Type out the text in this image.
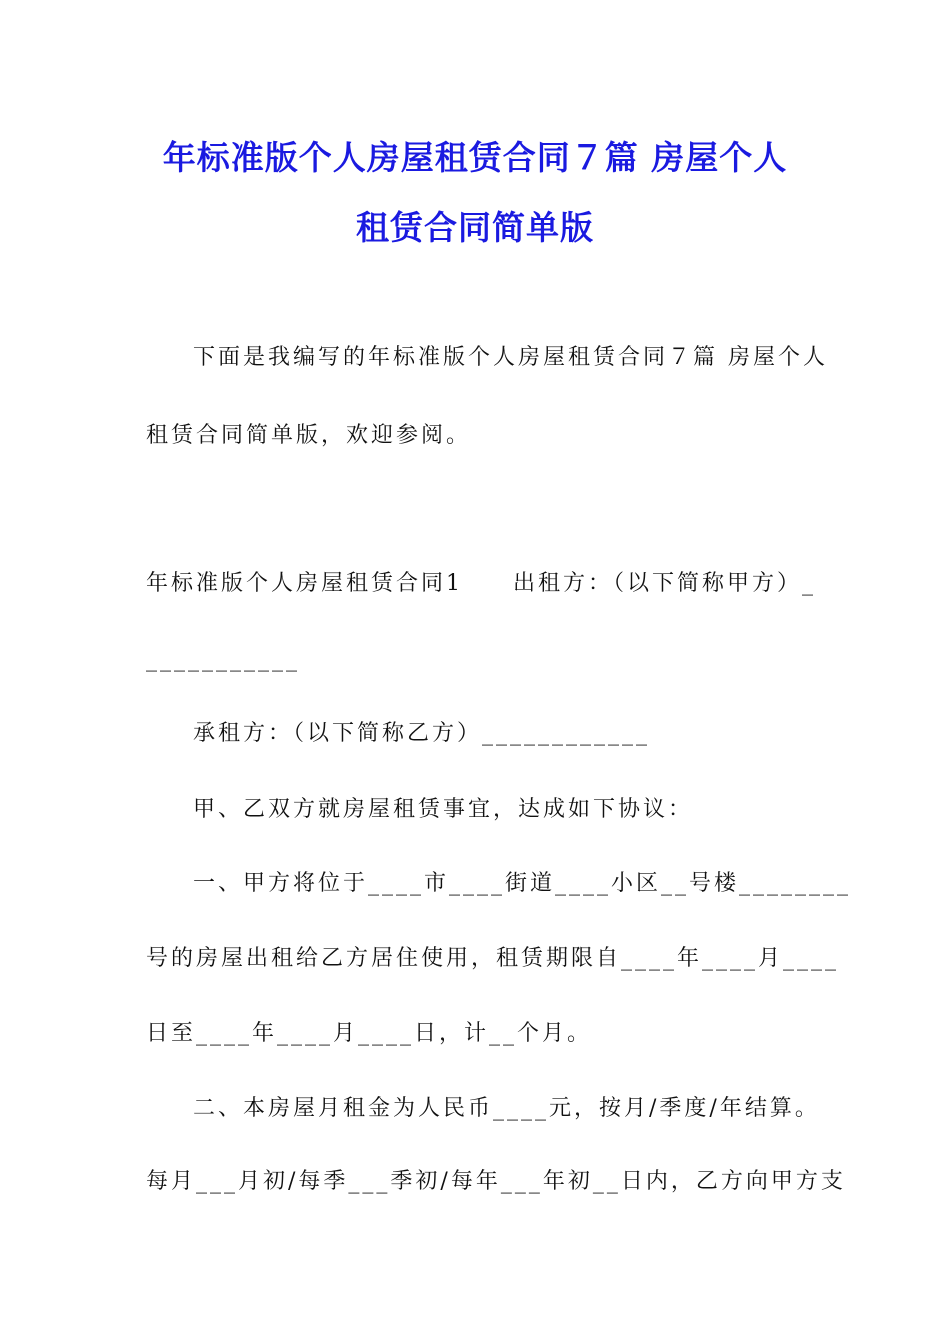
年标准版个人房屋租赁合同７篇 房屋个人
租赁合同简单版

下面是我编写的年标准版个人房屋租赁合同７篇 房屋个人

租赁合同简单版，欢迎参阅。

年标准版个人房屋租赁合同1　　出租方：（以下简称甲方）_

___________

承租方：（以下简称乙方）____________

甲、乙双方就房屋租赁事宜，达成如下协议：

一、甲方将位于____市____街道____小区__号楼________

号的房屋出租给乙方居住使用，租赁期限自____年____月____

日至____年____月____日，计__个月。

二、本房屋月租金为人民币____元，按月/季度/年结算。

每月___月初/每季___季初/每年___年初__日内，乙方向甲方支
